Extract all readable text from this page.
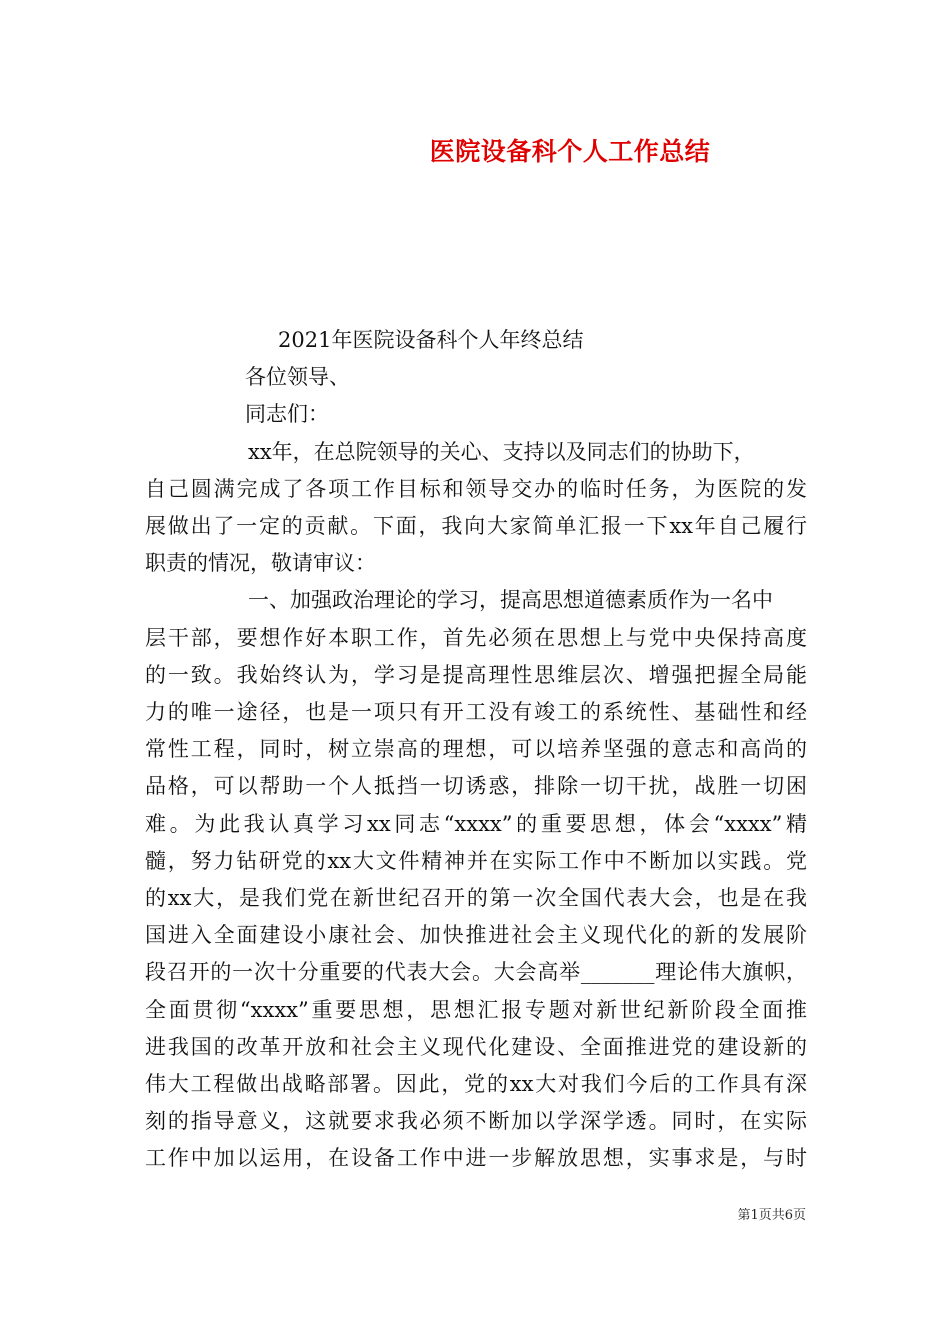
医院设备科个人工作总结
2021年医院设备科个人年终总结
各位领导、
同志们：
xx年，在总院领导的关心、支持以及同志们的协助下，
自己圆满完成了各项工作目标和领导交办的临时任务，为医院的发
展做出了一定的贡献。下面，我向大家简单汇报一下xx年自己履行
职责的情况，敬请审议：
一、加强政治理论的学习，提高思想道德素质作为一名中
层干部，要想作好本职工作，首先必须在思想上与党中央保持高度
的一致。我始终认为，学习是提高理性思维层次、增强把握全局能
力的唯一途径，也是一项只有开工没有竣工的系统性、基础性和经
常性工程，同时，树立崇高的理想，可以培养坚强的意志和高尚的
品格，可以帮助一个人抵挡一切诱惑，排除一切干扰，战胜一切困
难。为此我认真学习xx同志“xxxx”的重要思想，体会“xxxx”精
髓，努力钻研党的xx大文件精神并在实际工作中不断加以实践。党
的xx大，是我们党在新世纪召开的第一次全国代表大会，也是在我
国进入全面建设小康社会、加快推进社会主义现代化的新的发展阶
段召开的一次十分重要的代表大会。大会高举_______理论伟大旗帜，
全面贯彻“xxxx”重要思想，思想汇报专题对新世纪新阶段全面推
进我国的改革开放和社会主义现代化建设、全面推进党的建设新的
伟大工程做出战略部署。因此，党的xx大对我们今后的工作具有深
刻的指导意义，这就要求我必须不断加以学深学透。同时，在实际
工作中加以运用，在设备工作中进一步解放思想，实事求是，与时
第1页共6页
